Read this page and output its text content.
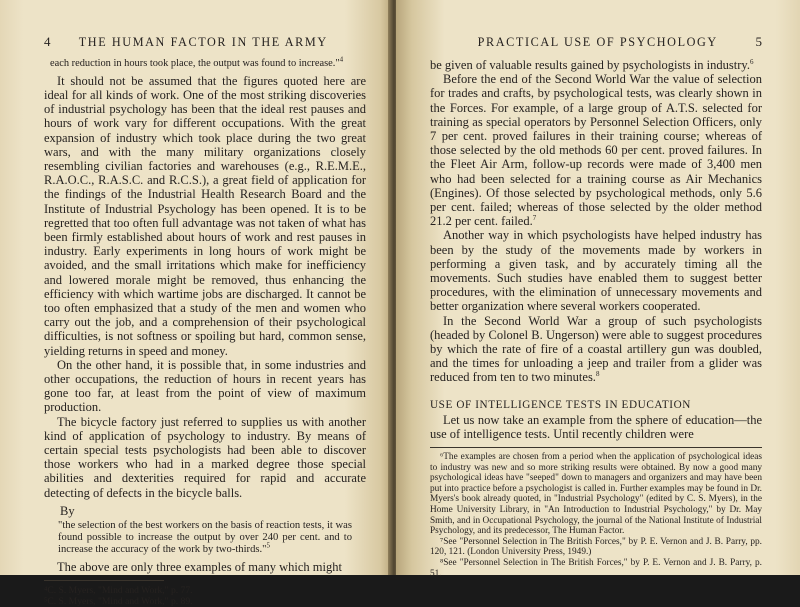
4 THE HUMAN FACTOR IN THE ARMY

each reduction in hours took place, the output was found to increase."$^4$

It should not be assumed that the figures quoted here are ideal for all kinds of work. One of the most striking discoveries of industrial psychology has been that the ideal rest pauses and hours of work vary for different occupations. With the great expansion of industry which took place during the two great wars, and with the many military organizations closely resembling civilian factories and warehouses (e.g., R.E.M.E., R.A.O.C., R.A.S.C. and R.C.S.), a great field of application for the findings of the Industrial Health Research Board and the Institute of Industrial Psychology has been opened. It is to be regretted that too often full advantage was not taken of what has been firmly established about hours of work and rest pauses in industry. Early experiments in long hours of work might be avoided, and the small irritations which make for inefficiency and lowered morale might be removed, thus enhancing the efficiency with which wartime jobs are discharged. It cannot be too often emphasized that a study of the men and women who carry out the job, and a comprehension of their psychological difficulties, is not softness or spoiling but hard, common sense, yielding returns in speed and money.

On the other hand, it is possible that, in some industries and other occupations, the reduction of hours in recent years has gone too far, at least from the point of view of maximum production.

The bicycle factory just referred to supplies us with another kind of application of psychology to industry. By means of certain special tests psychologists had been able to discover those workers who had in a marked degree those special abilities and dexterities required for rapid and accurate detecting of defects in the bicycle balls.

By

"the selection of the best workers on the basis of reaction tests, it was found possible to increase the output by over 240 per cent. and to increase the accuracy of the work by two-thirds."$^5$

The above are only three examples of many which might

⁴C. S. Myers, "Mind and Work," p. 77.

⁵C. S. Myers, "Mind and Work," p. 89.

PRACTICAL USE OF PSYCHOLOGY	5

be given of valuable results gained by psychologists in industry.$^6$

Before the end of the Second World War the value of selection for trades and crafts, by psychological tests, was clearly shown in the Forces. For example, of a large group of A.T.S. selected for training as special operators by Personnel Selection Officers, only 7 per cent. proved failures in their training course; whereas of those selected by the old methods 60 per cent. proved failures. In the Fleet Air Arm, follow-up records were made of 3,400 men who had been selected for a training course as Air Mechanics (Engines). Of those selected by psychological methods, only 5.6 per cent. failed; whereas of those selected by the older method 21.2 per cent. failed.$^7$

Another way in which psychologists have helped industry has been by the study of the movements made by workers in performing a given task, and by accurately timing all the movements. Such studies have enabled them to suggest better procedures, with the elimination of unnecessary movements and better organization where several workers cooperated.

In the Second World War a group of such psychologists (headed by Colonel B. Ungerson) were able to suggest procedures by which the rate of fire of a coastal artillery gun was doubled, and the times for unloading a jeep and trailer from a glider was reduced from ten to two minutes.$^8$

USE OF INTELLIGENCE TESTS IN EDUCATION

Let us now take an example from the sphere of education—the use of intelligence tests. Until recently children were

⁶The examples are chosen from a period when the application of psychological ideas to industry was new and so more striking results were obtained. By now a good many psychological ideas have "seeped" down to managers and organizers and may have been put into practice before a psychologist is called in. Further examples may be found in Dr. Myers's book already quoted, in "Industrial Psychology" (edited by C. S. Myers), in the Home University Library, in "An Introduction to Industrial Psychology," by Dr. May Smith, and in Occupational Psychology, the journal of the National Institute of Industrial Psychology, and its predecessor, The Human Factor.

⁷See "Personnel Selection in The British Forces," by P. E. Vernon and J. B. Parry, pp. 120, 121. (London University Press, 1949.)

⁸See "Personnel Selection in The British Forces," by P. E. Vernon and J. B. Parry, p. 51.
